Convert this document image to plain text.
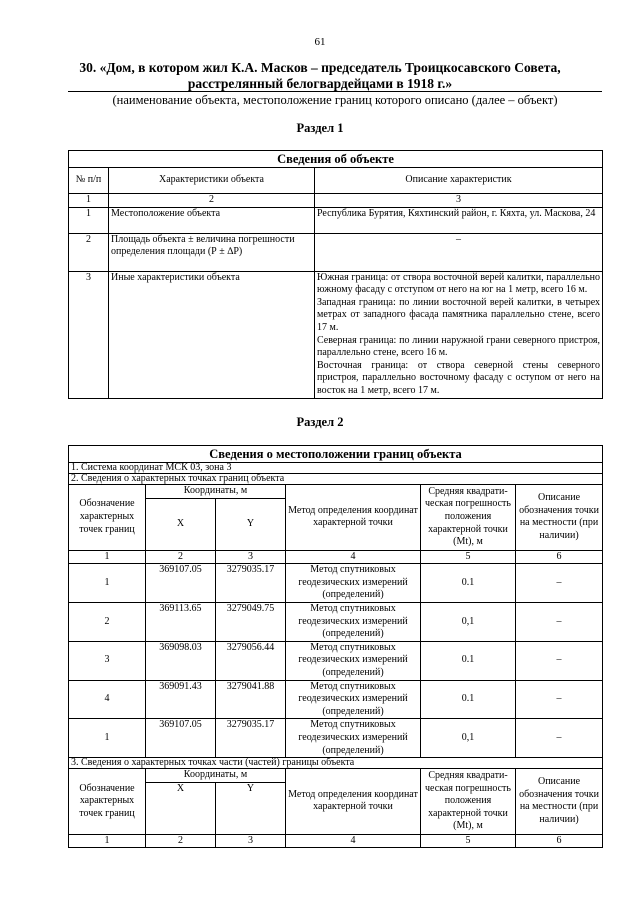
61
30. «Дом, в котором жил К.А. Масков – председатель Троицкосавского Совета,
расстрелянный белогвардейцами в 1918 г.»
(наименование объекта, местоположение границ которого описано (далее – объект)
Раздел 1
Сведения об объекте		
№ п/п	Характеристики объекта	Описание характеристик
1	2	3
1	Местоположение объекта	Республика Бурятия, Кяхтинский район, г. Кяхта, ул. Маскова, 24
2	Площадь объекта ± величина погрешности определения площади (Р ± ∆Р)	–
3	Иные характеристики объекта	Южная граница: от створа восточной верей калитки, параллельно южному фасаду с отступом от него на юг на 1 метр, всего 16 м.
Западная граница: по линии восточной верей калитки, в четырех метрах от западного фасада памятника параллельно стене, всего 17 м.
Северная граница: по линии наружной грани северного пристроя, параллельно стене, всего 16 м.
Восточная граница: от створа северной стены северного пристроя, параллельно восточному фасаду с оступом от него на восток на 1 метр, всего 17 м.
Раздел 2
Сведения о местоположении границ объекта					
1. Система координат МСК 03, зона 3					
2. Сведения о характерных точках границ объекта					
Обозначение характерных точек границ	Координаты, м		Метод определения координат характерной точки	Средняя квадрати-ческая погрешность положения характерной точки (Mt), м	Описание обозначения точки на местности (при наличии)
	X	Y			
1	2	3	4	5	6
1	369107.05	3279035.17	Метод спутниковых геодезических измерений (определений)	0.1	–
2	369113.65	3279049.75	Метод спутниковых геодезических измерений (определений)	0,1	–
3	369098.03	3279056.44	Метод спутниковых геодезических измерений (определений)	0.1	–
4	369091.43	3279041.88	Метод спутниковых геодезических измерений (определений)	0.1	–
1	369107.05	3279035.17	Метод спутниковых геодезических измерений (определений)	0,1	–
3. Сведения о характерных точках части (частей) границы объекта					
Обозначение характерных точек границ	Координаты, м		Метод определения координат характерной точки	Средняя квадрати-ческая погрешность положения характерной точки (Mt), м	Описание обозначения точки на местности (при наличии)
	X	Y			
1	2	3	4	5	6
